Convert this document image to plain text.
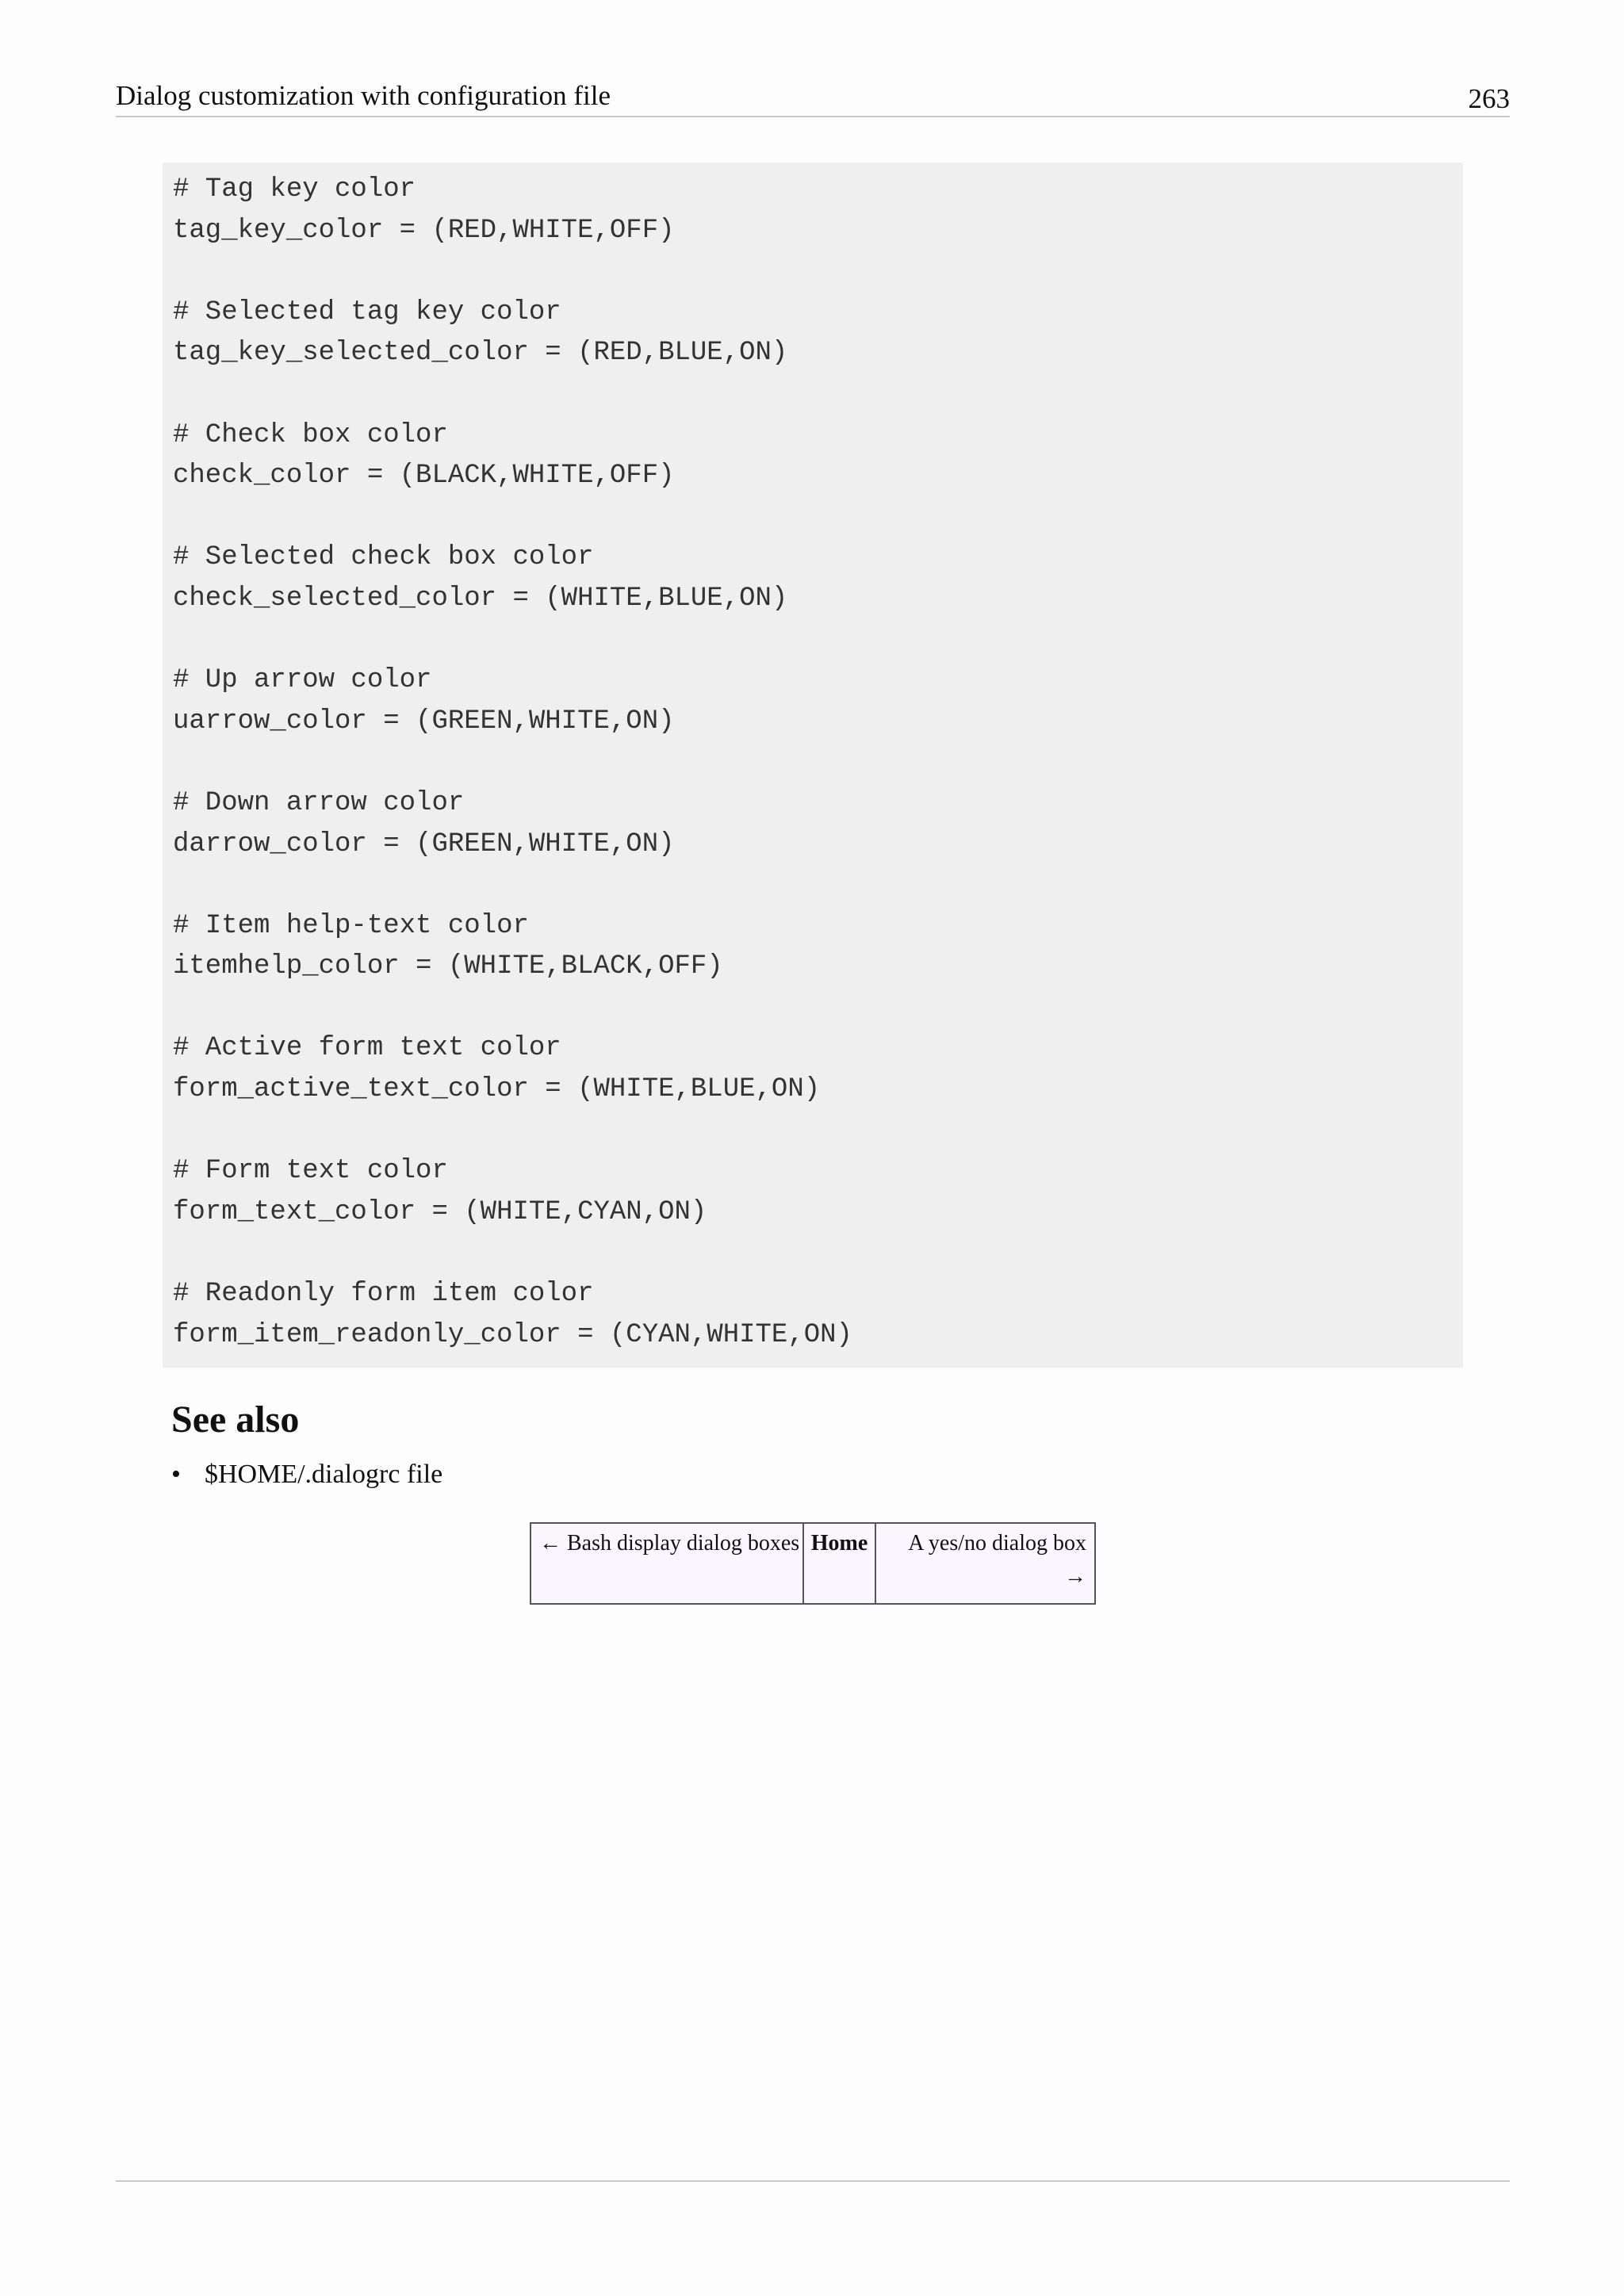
Dialog customization with configuration file	263
# Tag key color
tag_key_color = (RED,WHITE,OFF)
# Selected tag key color
tag_key_selected_color = (RED,BLUE,ON)
# Check box color
check_color = (BLACK,WHITE,OFF)
# Selected check box color
check_selected_color = (WHITE,BLUE,ON)
# Up arrow color
uarrow_color = (GREEN,WHITE,ON)
# Down arrow color
darrow_color = (GREEN,WHITE,ON)
# Item help-text color
itemhelp_color = (WHITE,BLACK,OFF)
# Active form text color
form_active_text_color = (WHITE,BLUE,ON)
# Form text color
form_text_color = (WHITE,CYAN,ON)
# Readonly form item color
form_item_readonly_color = (CYAN,WHITE,ON)
See also
• $HOME/.dialogrc file
← Bash display dialog boxes Home	A yes/no dialog box
→
